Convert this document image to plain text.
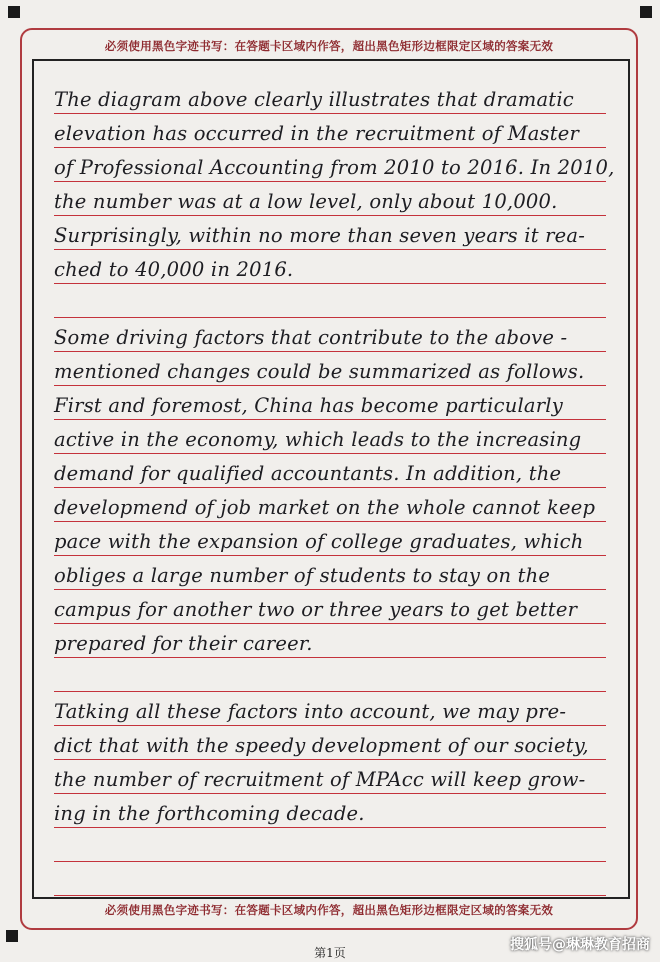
必须使用黑色字迹书写：在答题卡区域内作答，超出黑色矩形边框限定区域的答案无效
必须使用黑色字迹书写：在答题卡区域内作答，超出黑色矩形边框限定区域的答案无效
The diagram above clearly illustrates that dramatic
elevation has occurred in the recruitment of Master
of Professional Accounting from 2010 to 2016. In 2010,
the number was at a low level, only about 10,000.
Surprisingly, within no more than seven years it rea-
ched to 40,000 in 2016.
Some driving factors that contribute to the above -
mentioned changes could be summarized as follows.
First and foremost, China has become particularly
active in the economy, which leads to the increasing
demand for qualified accountants. In addition, the
developmend of job market on the whole cannot keep
pace with the expansion of college graduates, which
obliges a large number of students to stay on the
campus for another two or three years to get better
prepared for their career.
Tatking all these factors into account, we may pre-
dict that with the speedy development of our society,
the number of recruitment of MPAcc will keep grow-
ing in the forthcoming decade.
第1页	搜狐号@琳琳教育招商
